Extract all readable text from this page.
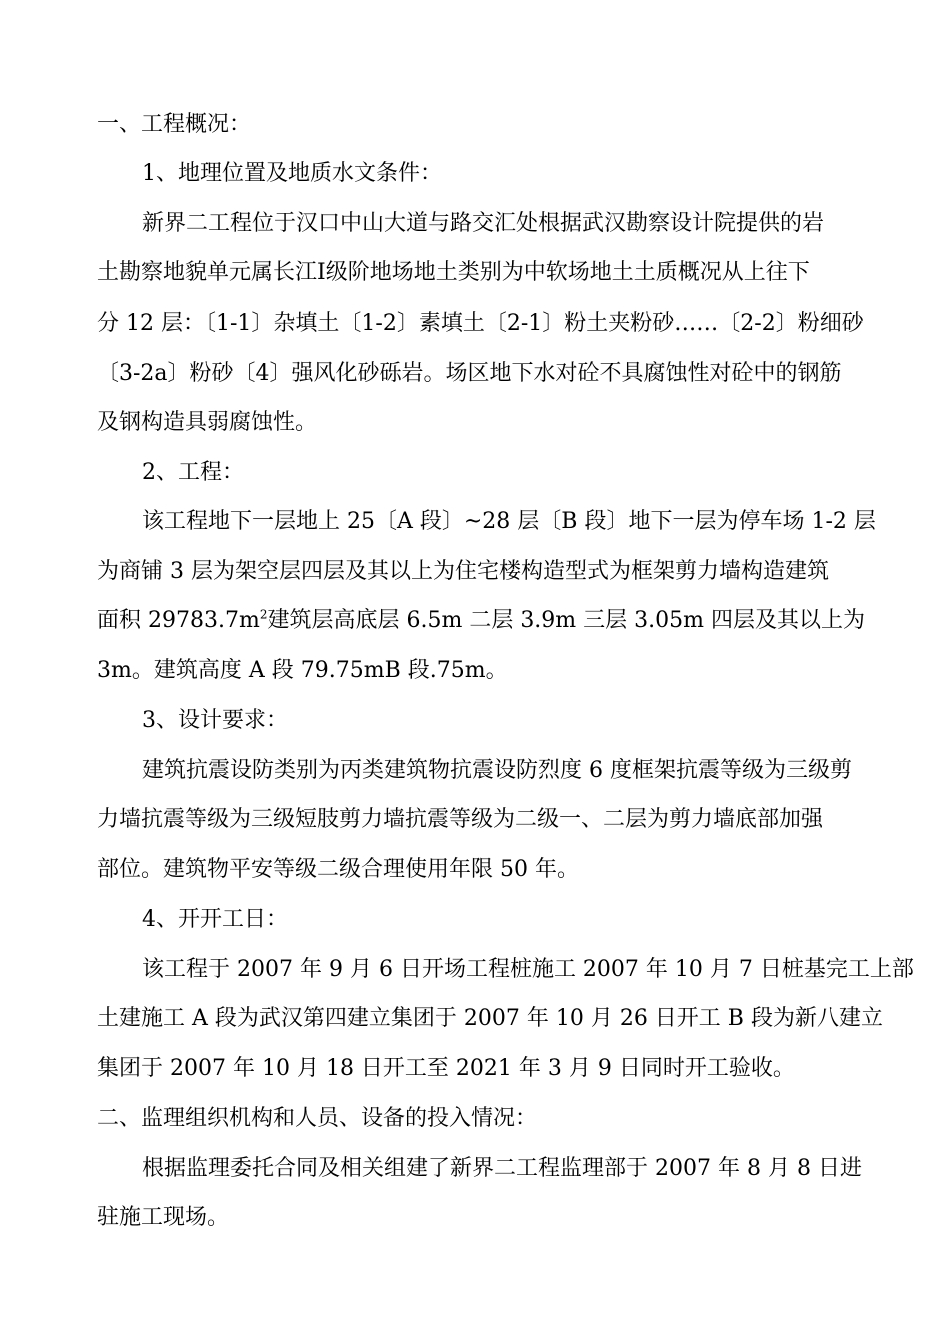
一、工程概况：
1、地理位置及地质水文条件：
新界二工程位于汉口中山大道与路交汇处根据武汉勘察设计院提供的岩
土勘察地貌单元属长江Ⅰ级阶地场地土类别为中软场地土土质概况从上往下
分 12 层：〔1-1〕杂填土〔1-2〕素填土〔2-1〕粉土夹粉砂……〔2-2〕粉细砂
〔3-2a〕粉砂〔4〕强风化砂砾岩。场区地下水对砼不具腐蚀性对砼中的钢筋
及钢构造具弱腐蚀性。
2、工程：
该工程地下一层地上 25〔A 段〕~28 层〔B 段〕地下一层为停车场 1-2 层
为商铺 3 层为架空层四层及其以上为住宅楼构造型式为框架剪力墙构造建筑
面积 $29783.7m^2$建筑层高底层 6.5m 二层 3.9m 三层 3.05m 四层及其以上为
3m。建筑高度 A 段 79.75mB 段.75m。
3、设计要求：
建筑抗震设防类别为丙类建筑物抗震设防烈度 6 度框架抗震等级为三级剪
力墙抗震等级为三级短肢剪力墙抗震等级为二级一、二层为剪力墙底部加强
部位。建筑物平安等级二级合理使用年限 50 年。
4、开开工日：
该工程于 2007 年 9 月 6 日开场工程桩施工 2007 年 10 月 7 日桩基完工上部
土建施工 A 段为武汉第四建立集团于 2007 年 10 月 26 日开工 B 段为新八建立
集团于 2007 年 10 月 18 日开工至 2021 年 3 月 9 日同时开工验收。
二、监理组织机构和人员、设备的投入情况：
根据监理委托合同及相关组建了新界二工程监理部于 2007 年 8 月 8 日进
驻施工现场。
